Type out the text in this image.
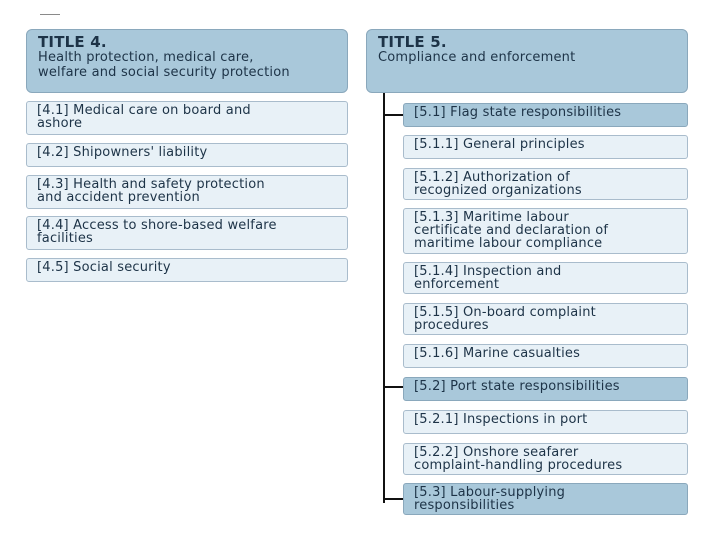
TITLE 4.
Health protection, medical care,
welfare and social security protection
TITLE 5.
Compliance and enforcement
[4.1] Medical care on board and
ashore
[4.2] Shipowners' liability
[4.3] Health and safety protection
and accident prevention
[4.4] Access to shore-based welfare
facilities
[4.5] Social security
[5.1] Flag state responsibilities
[5.1.1] General principles
[5.1.2] Authorization of
recognized organizations
[5.1.3] Maritime labour
certificate and declaration of
maritime labour compliance
[5.1.4] Inspection and
enforcement
[5.1.5] On-board complaint
procedures
[5.1.6] Marine casualties
[5.2] Port state responsibilities
[5.2.1] Inspections in port
[5.2.2] Onshore seafarer
complaint-handling procedures
[5.3] Labour-supplying
responsibilities
